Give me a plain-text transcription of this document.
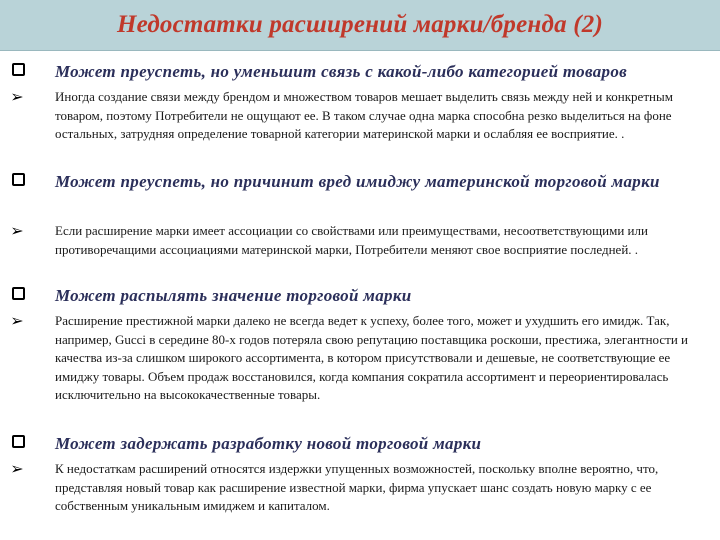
Недостатки расширений марки/бренда (2)
Может преуспеть, но уменьшит связь с какой-либо категорией товаров
➢ Иногда создание связи между брендом и множеством товаров мешает выделить связь между ней и конкретным товаром, поэтому Потребители не ощущают ее. В таком случае одна марка способна резко выделиться на фоне остальных, затрудняя определение товарной категории материнской марки и ослабляя ее восприятие. .
Может преуспеть, но причинит вред имиджу материнской торговой марки
➢ Если расширение марки имеет ассоциации со свойствами или преимуществами, несоответствующими или противоречащими ассоциациями материнской марки, Потребители меняют свое восприятие последней. .
Может распылять значение торговой марки
➢ Расширение престижной марки далеко не всегда ведет к успеху, более того, может и ухудшить его имидж. Так, например, Gucci в середине 80-х годов потеряла свою репутацию поставщика роскоши, престижа, элегантности и качества из-за слишком широкого ассортимента, в котором присутствовали и дешевые, не соответствующие ее имиджу товары. Объем продаж восстановился, когда компания сократила ассортимент и переориентировалась исключительно на высококачественные товары.
Может задержать разработку новой торговой марки
➢ К недостаткам расширений относятся издержки упущенных возможностей, поскольку вполне вероятно, что, представляя новый товар как расширение известной марки, фирма упускает шанс создать новую марку с ее собственным уникальным имиджем и капиталом.
